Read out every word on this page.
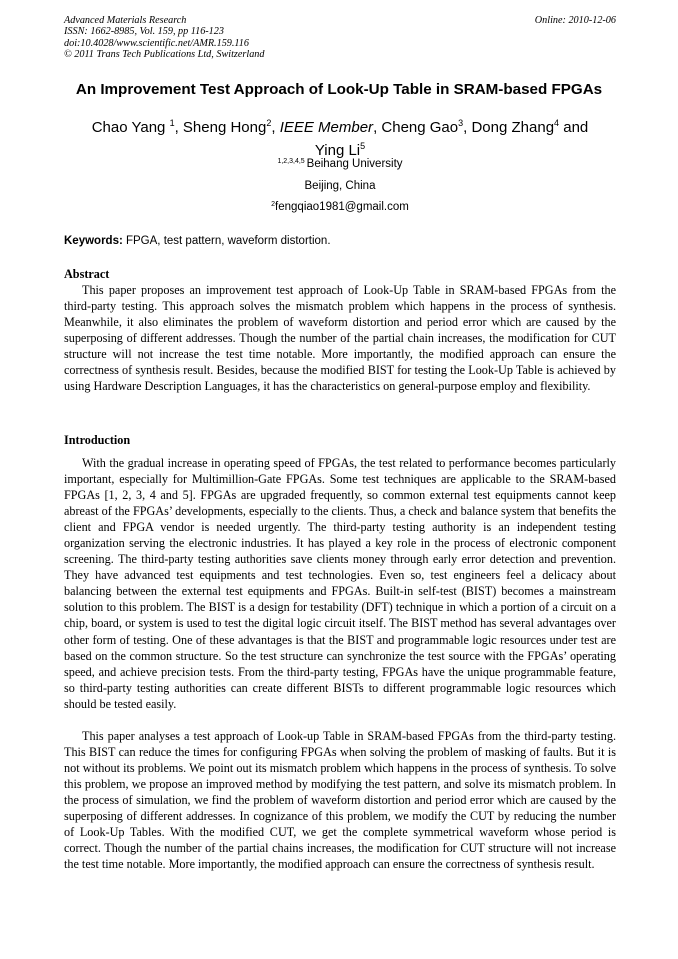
Advanced Materials Research
ISSN: 1662-8985, Vol. 159, pp 116-123
doi:10.4028/www.scientific.net/AMR.159.116
© 2011 Trans Tech Publications Ltd, Switzerland
Online: 2010-12-06
An Improvement Test Approach of Look-Up Table in SRAM-based FPGAs
Chao Yang $^1$, Sheng Hong$^2$, IEEE Member, Cheng Gao$^3$, Dong Zhang$^4$ and
Ying Li$^5$
$^{1,2,3,4,5}$ Beihang University
Beijing, China
$^2$fengqiao1981@gmail.com
Keywords: FPGA, test pattern, waveform distortion.
Abstract

This paper proposes an improvement test approach of Look-Up Table in SRAM-based FPGAs from the third-party testing. This approach solves the mismatch problem which happens in the process of synthesis. Meanwhile, it also eliminates the problem of waveform distortion and period error which are caused by the superposing of different addresses. Though the number of the partial chain increases, the modification for CUT structure will not increase the test time notable. More importantly, the modified approach can ensure the correctness of synthesis result. Besides, because the modified BIST for testing the Look-Up Table is achieved by using Hardware Description Languages, it has the characteristics on general-purpose employ and flexibility.

Introduction

With the gradual increase in operating speed of FPGAs, the test related to performance becomes particularly important, especially for Multimillion-Gate FPGAs. Some test techniques are applicable to the SRAM-based FPGAs [1, 2, 3, 4 and 5]. FPGAs are upgraded frequently, so common external test equipments cannot keep abreast of the FPGAs’ developments, especially to the clients. Thus, a check and balance system that benefits the client and FPGA vendor is needed urgently. The third-party testing authority is an independent testing organization serving the electronic industries. It has played a key role in the process of electronic component screening. The third-party testing authorities save clients money through early error detection and prevention. They have advanced test equipments and test technologies. Even so, test engineers feel a delicacy about balancing between the external test equipments and FPGAs. Built-in self-test (BIST) becomes a mainstream solution to this problem. The BIST is a design for testability (DFT) technique in which a portion of a circuit on a chip, board, or system is used to test the digital logic circuit itself. The BIST method has several advantages over other form of testing. One of these advantages is that the BIST and programmable logic resources under test are based on the common structure. So the test structure can synchronize the test source with the FPGAs’ operating speed, and achieve precision tests. From the third-party testing, FPGAs have the unique programmable feature, so third-party testing authorities can create different BISTs to different programmable logic resources which should be tested easily.

This paper analyses a test approach of Look-up Table in SRAM-based FPGAs from the third-party testing. This BIST can reduce the times for configuring FPGAs when solving the problem of masking of faults. But it is not without its problems. We point out its mismatch problem which happens in the process of synthesis. To solve this problem, we propose an improved method by modifying the test pattern, and solve its mismatch problem. In the process of simulation, we find the problem of waveform distortion and period error which are caused by the superposing of different addresses. In cognizance of this problem, we modify the CUT by reducing the number of Look-Up Tables. With the modified CUT, we get the complete symmetrical waveform whose period is correct. Though the number of the partial chains increases, the modification for CUT structure will not increase the test time notable. More importantly, the modified approach can ensure the correctness of synthesis result.
